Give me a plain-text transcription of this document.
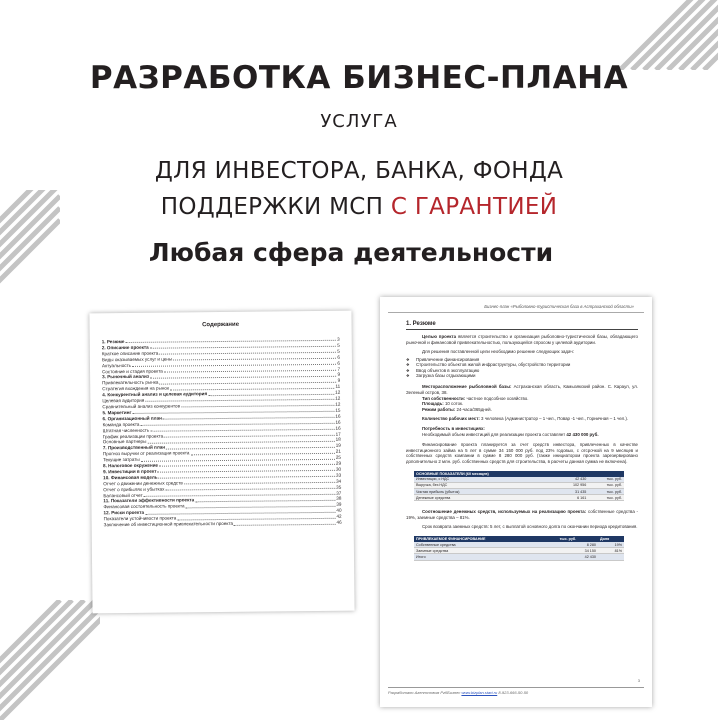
РАЗРАБОТКА БИЗНЕС-ПЛАНА
УСЛУГА
ДЛЯ ИНВЕСТОРА, БАНКА, ФОНДА
ПОДДЕРЖКИ МСП С ГАРАНТИЕЙ
Любая сфера деятельности
Содержание
1. Резюме	3
2. Описание проекта	5
Краткое описание проекта	5
Виды оказываемых услуг и цены	6
Актуальность	6
Состояние и стадия проекта	7
3. Рыночный анализ	9
Привлекательность рынка	9
Стратегия вхождения на рынок	11
4. Конкурентный анализ и целевая аудитория	12
Целевая аудитория	12
Сравнительный анализ конкурентов	12
5. Маркетинг	15
6. Организационный план	16
Команда проекта	16
Штатная численность	16
График реализации проекта	17
Основные партнеры	18
7. Производственный план	19
Прогноз выручки от реализации проекта	21
Текущие затраты	25
8. Налоговое окружение	29
9. Инвестиции в проект	30
10. Финансовая модель	33
Отчет о движении денежных средств	34
Отчет о прибылях и убытках	35
Балансовый отчет	37
11. Показатели эффективности проекта	38
Финансовая состоятельность проекта	39
12. Риски проекта	40
Показатели устойчивости проекта	42
Заключение об инвестиционной привлекательности проекта	46
Бизнес-план «Рыболовно-туристическая база в Астраханской области»
1. Резюме
Целью проекта является строительство и организация рыболовно-туристической базы, обладающего рыночной и финансовой привлекательностью, пользующейся спросом у целевой аудитории.
Для решения поставленной цели необходимо решение следующих задач:
❖ Привлечение финансирования
❖ Строительство объектов жилой инфраструктуры, обустройство территории
❖ Ввод объектов в эксплуатацию
❖ Загрузка базы отдыхающими
Месторасположение рыболовной базы: Астраханская область, Камызякский район. С. Караул, ул. Зеленый остров, 38.
Тип собственности: частное подсобное хозяйство.
Площадь: 10 соток.
Режим работы: 24-часа/365дней.
Количество рабочих мест: 3 человека (Администратор – 1 чел., Повар -1 чел., Горничная – 1 чел.).
Потребность в инвестициях:
Необходимый объем инвестиций для реализации проекта составляет 42 430 000 руб.
Финансирование проекта планируется за счет средств инвестора, привлеченных в качестве инвестиционного займа на 5 лет в сумме 34 150 000 руб. под 23% годовых, с отсрочкой на 9 месяцев и собственных средств компании в сумме 8 280 000 руб. (также инициатором проекта зарезервировано дополнительно 2 млн. руб. собственных средств для строительства, в расчеты данная сумма не включена).
ОСНОВНЫЕ ПОКАЗАТЕЛИ (60 месяцев)		
Инвестиции, с НДС	42 430	тыс. руб.
Выручка, без НДС	102 956	тыс. руб.
Чистая прибыль (убыток)	31 435	тыс. руб.
Денежные средства	6 161	тыс. руб.
Соотношение денежных средств, используемых на реализацию проекта: собственные средства - 19%, заемные средства – 81%.
Срок возврата заемных средств: 5 лет, с выплатой основного долга по окончании периода кредитования.
ПРИВЛЕКАЕМОЕ ФИНАНСИРОВАНИЕ	тыс. руб.	Доля
Собственные средства	8 280	19%
Заемные средства	34 150	81%
Итого	42 430	
3
Разработано Агентством РгбБизнес www.bizplan.start.ru 8-923-666-50-50
